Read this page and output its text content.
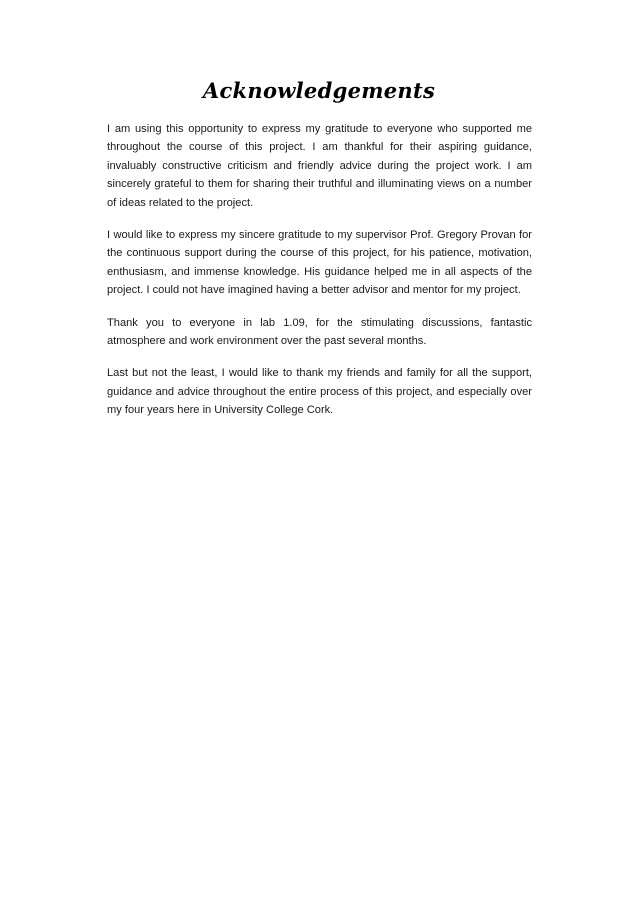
Acknowledgements

I am using this opportunity to express my gratitude to everyone who supported me throughout the course of this project. I am thankful for their aspiring guidance, invaluably constructive criticism and friendly advice during the project work. I am sincerely grateful to them for sharing their truthful and illuminating views on a number of ideas related to the project.

I would like to express my sincere gratitude to my supervisor Prof. Gregory Provan for the continuous support during the course of this project, for his patience, motivation, enthusiasm, and immense knowledge. His guidance helped me in all aspects of the project. I could not have imagined having a better advisor and mentor for my project.

Thank you to everyone in lab 1.09, for the stimulating discussions, fantastic atmosphere and work environment over the past several months.

Last but not the least, I would like to thank my friends and family for all the support, guidance and advice throughout the entire process of this project, and especially over my four years here in University College Cork.
